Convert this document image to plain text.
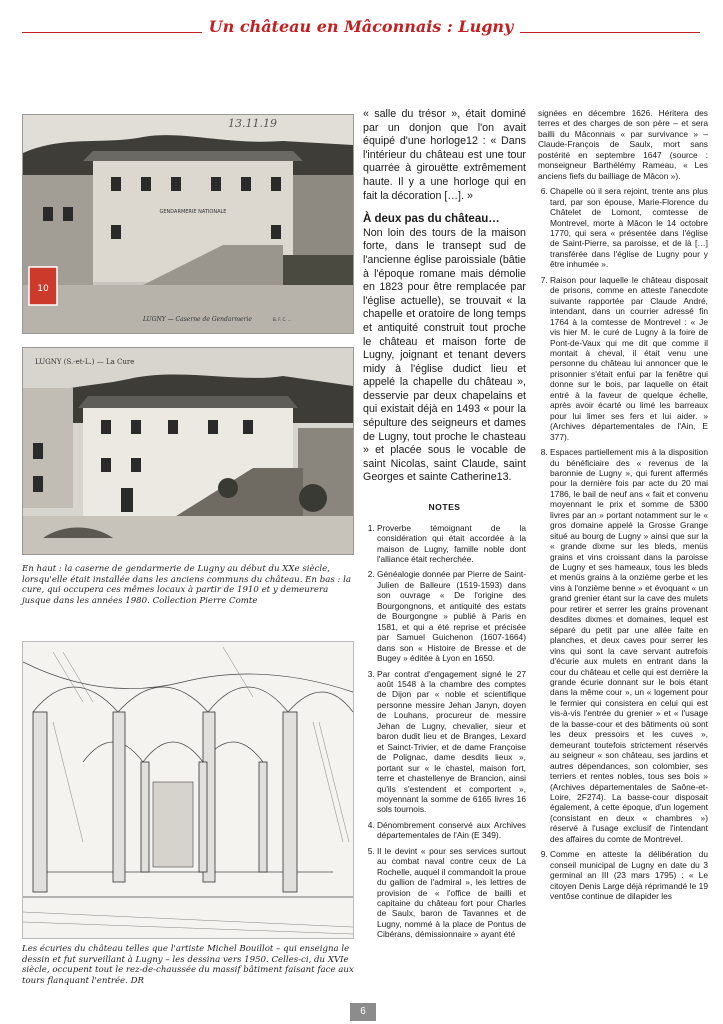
Un château en Mâconnais : Lugny
GENDARMERIE NATIONALE
10
13.11.19
LUGNY — Caserne de Gendarmerie	B. F. C. ...
LUGNY (S.-et-L.) — La Cure
En haut : la caserne de gendarmerie de Lugny au début du XXe siècle, lorsqu'elle était installée dans les anciens communs du château. En bas : la cure, qui occupera ces mêmes locaux à partir de 1910 et y demeurera jusque dans les années 1980. Collection Pierre Comte
Les écuries du château telles que l'artiste Michel Bouillot – qui enseigna le dessin et fut surveillant à Lugny – les dessina vers 1950. Celles-ci, du XVIe siècle, occupent tout le rez-de-chaussée du massif bâtiment faisant face aux tours flanquant l'entrée. DR

« salle du trésor », était dominé par un donjon que l'on avait équipé d'une horloge12 : « Dans l'intérieur du château est une tour quarrée à girouëtte extrêmement haute. Il y a une horloge qui en fait la décoration […]. »

À deux pas du château…

Non loin des tours de la maison forte, dans le transept sud de l'ancienne église paroissiale (bâtie à l'époque romane mais démolie en 1823 pour être remplacée par l'église actuelle), se trouvait « la chapelle et oratoire de long temps et antiquité construit tout proche le château et maison forte de Lugny, joignant et tenant devers midy à l'église dudict lieu et appelé la chapelle du château », desservie par deux chapelains et qui existait déjà en 1493 « pour la sépulture des seigneurs et dames de Lugny, tout proche le chasteau » et placée sous le vocable de saint Nicolas, saint Claude, saint Georges et sainte Catherine13.

NOTES
1. Proverbe témoignant de la considération qui était accordée à la maison de Lugny, famille noble dont l'alliance était recherchée.
2. Généalogie donnée par Pierre de Saint-Julien de Balleure (1519-1593) dans son ouvrage « De l'origine des Bourgongnons, et antiquité des estats de Bourgongne » publié à Paris en 1581, et qui a été reprise et précisée par Samuel Guichenon (1607-1664) dans son « Histoire de Bresse et de Bugey » éditée à Lyon en 1650.
3. Par contrat d'engagement signé le 27 août 1548 à la chambre des comptes de Dijon par « noble et scientifique personne messire Jehan Janyn, doyen de Louhans, procureur de messire Jehan de Lugny, chevalier, sieur et baron dudit lieu et de Branges, Lexard et Sainct-Trivier, et de dame Françoise de Polignac, dame desdits lieux », portant sur « le chastel, maison fort, terre et chastellenye de Brancion, ainsi qu'ils s'estendent et comportent », moyennant la somme de 6165 livres 16 sols tournois.
4. Dénombrement conservé aux Archives départementales de l'Ain (E 349).
5. Il le devint « pour ses services surtout au combat naval contre ceux de La Rochelle, auquel il commandoit la proue du gallion de l'admiral », les lettres de provision de « l'office de bailli et capitaine du château fort pour Charles de Saulx, baron de Tavannes et de Lugny, nommé à la place de Pontus de Cibérans, démissionnaire » ayant été

signées en décembre 1626. Héritera des terres et des charges de son père – et sera bailli du Mâconnais « par survivance » – Claude-François de Saulx, mort sans postérité en septembre 1647 (source : monseigneur Barthélémy Rameau, « Les anciens fiefs du bailliage de Mâcon »).

6. Chapelle où il sera rejoint, trente ans plus tard, par son épouse, Marie-Florence du Châtelet de Lomont, comtesse de Montrevel, morte à Mâcon le 14 octobre 1770, qui sera « présentée dans l'église de Saint-Pierre, sa paroisse, et de là […] transférée dans l'église de Lugny pour y être inhumée ».
7. Raison pour laquelle le château disposait de prisons, comme en atteste l'anecdote suivante rapportée par Claude André, intendant, dans un courrier adressé fin 1764 à la comtesse de Montrevel : « Je vis hier M. le curé de Lugny à la foire de Pont-de-Vaux qui me dit que comme il montait à cheval, il était venu une personne du château lui annoncer que le prisonnier s'était enfui par la fenêtre qui donne sur le bois, par laquelle on était entré à la faveur de quelque échelle, après avoir écarté ou limé les barreaux pour lui limer ses fers et lui aider. » (Archives départementales de l'Ain, E 377).
8. Espaces partiellement mis à la disposition du bénéficiaire des « revenus de la baronnie de Lugny », qui furent affermés pour la dernière fois par acte du 20 mai 1786, le bail de neuf ans « fait et convenu moyennant le prix et somme de 5300 livres par an » portant notamment sur le « gros domaine appelé la Grosse Grange situé au bourg de Lugny » ainsi que sur la « grande dixme sur les bleds, menüs grains et vins croissant dans la paroisse de Lugny et ses hameaux, tous les bleds et menüs grains à la onzième gerbe et les vins à l'onzième benne » et évoquant « un grand grenier étant sur la cave des mulets pour retirer et serrer les grains provenant desdites dixmes et domaines, lequel est séparé du petit par une allée faite en planches, et deux caves pour serrer les vins qui sont la cave servant autrefois d'écurie aux mulets en entrant dans la cour du château et celle qui est derrière la grande écurie donnant sur le bois étant dans la même cour », un « logement pour le fermier qui consistera en celui qui est vis-à-vis l'entrée du grenier » et « l'usage de la basse-cour et des bâtiments où sont les deux pressoirs et les cuves », demeurant toutefois strictement réservés au seigneur « son château, ses jardins et autres dépendances, son colombier, ses terriers et rentes nobles, tous ses bois » (Archives départementales de Saône-et-Loire, 2F274). La basse-cour disposait également, à cette époque, d'un logement (consistant en deux « chambres ») réservé à l'usage exclusif de l'intendant des affaires du comte de Montrevel.
9. Comme en atteste la délibération du conseil municipal de Lugny en date du 3 germinal an III (23 mars 1795) : « Le citoyen Denis Large déjà réprimandé le 19 ventôse continue de dilapider les
6
